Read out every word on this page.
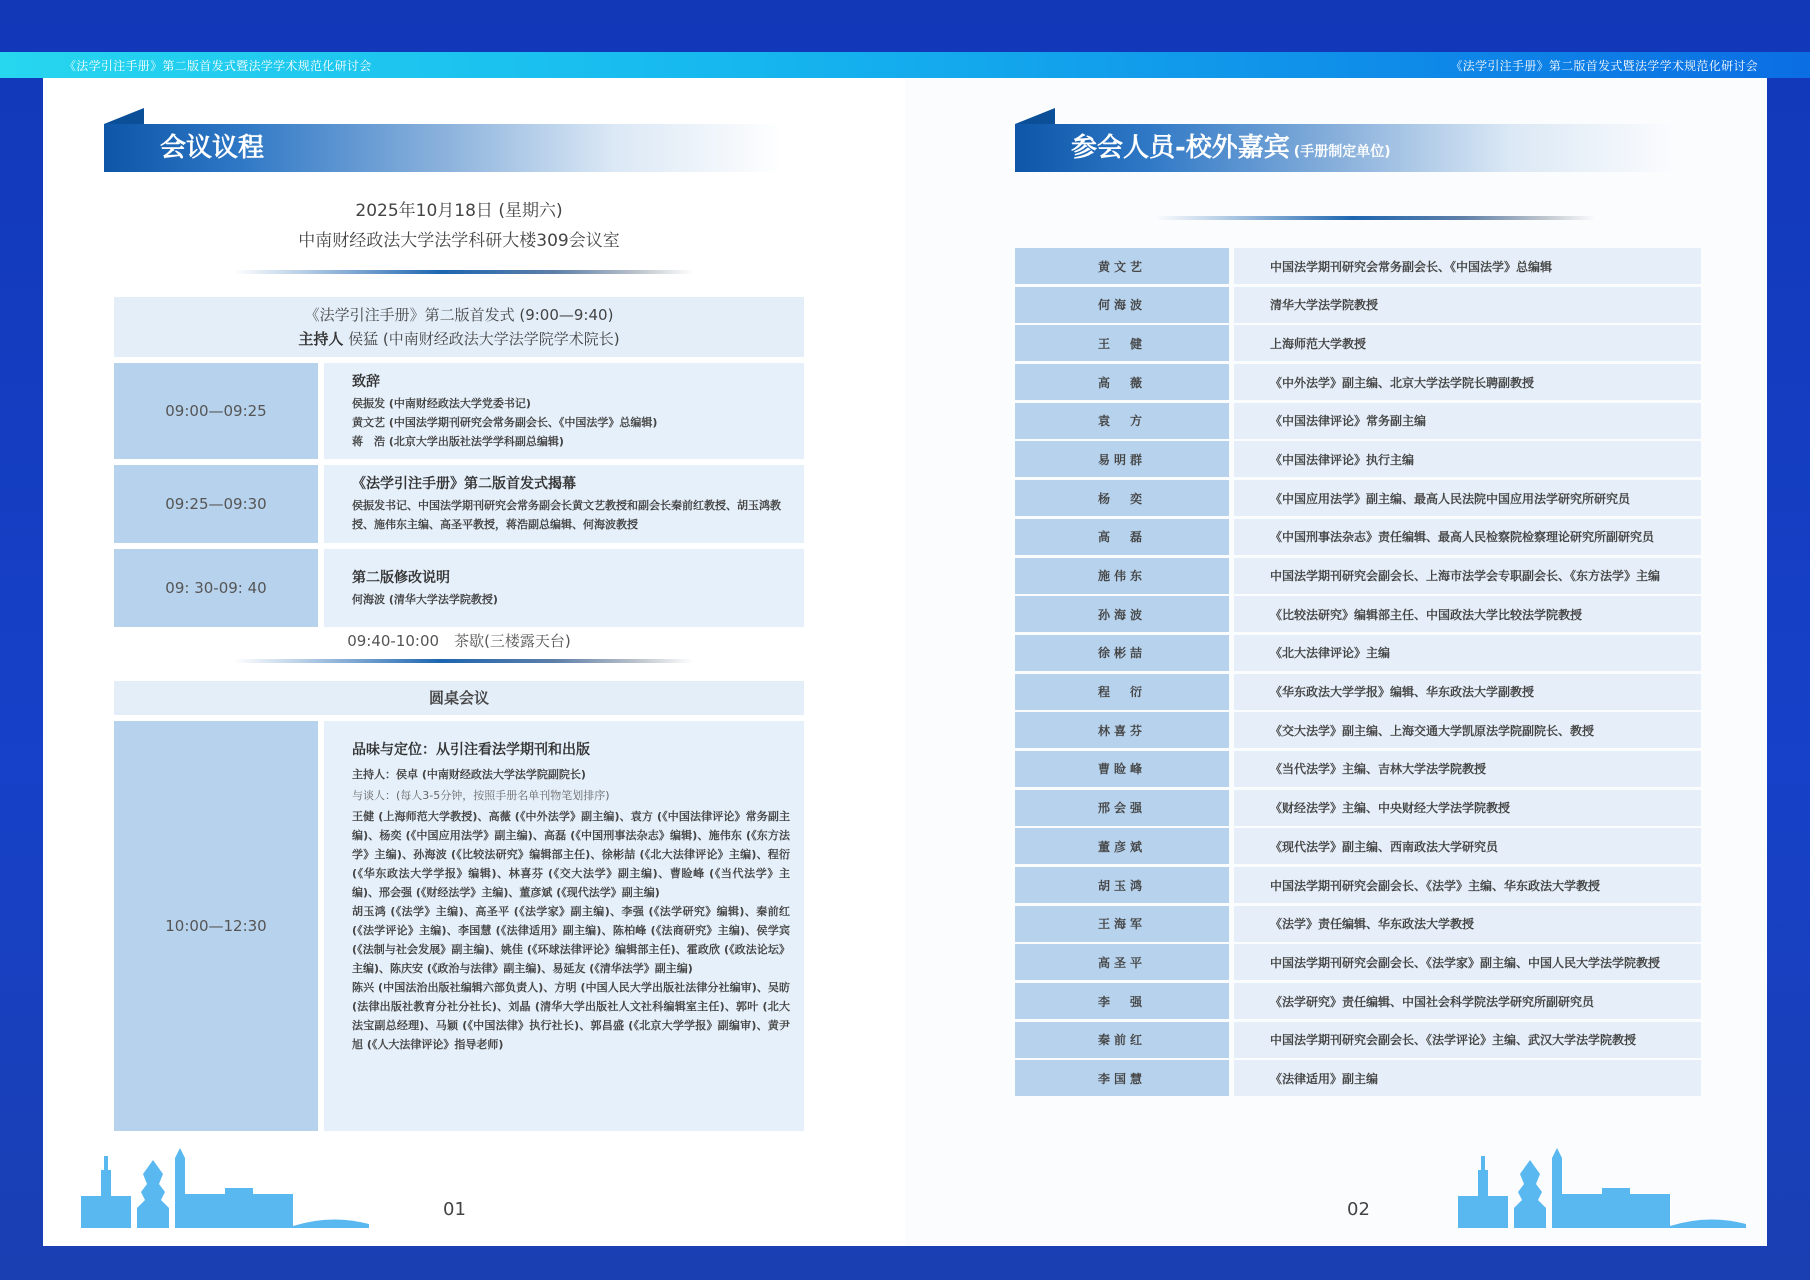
《法学引注手册》第二版首发式暨法学学术规范化研讨会	《法学引注手册》第二版首发式暨法学学术规范化研讨会
会议议程
2025年10月18日 (星期六)
中南财经政法大学法学科研大楼309会议室
《法学引注手册》第二版首发式 (9:00—9:40)
主持人 侯猛 (中南财经政法大学法学院学术院长)
09:00—09:25
致辞
侯振发 (中南财经政法大学党委书记)
黄文艺 (中国法学期刊研究会常务副会长、《中国法学》总编辑)
蒋　浩 (北京大学出版社法学学科副总编辑)
09:25—09:30
《法学引注手册》第二版首发式揭幕
侯振发书记、中国法学期刊研究会常务副会长黄文艺教授和副会长秦前红教授、胡玉鸿教授、施伟东主编、高圣平教授，蒋浩副总编辑、何海波教授
09: 30-09: 40
第二版修改说明
何海波 (清华大学法学院教授)
09:40-10:00　茶歇(三楼露天台)
圆桌会议
10:00—12:30
品味与定位：从引注看法学期刊和出版
主持人：侯卓 (中南财经政法大学法学院副院长)
与谈人：(每人3-5分钟，按照手册名单刊物笔划排序)
王健 (上海师范大学教授)、高薇 (《中外法学》副主编)、袁方 (《中国法律评论》常务副主编)、杨奕 (《中国应用法学》副主编)、高磊 (《中国刑事法杂志》编辑)、施伟东 (《东方法学》主编)、孙海波 (《比较法研究》编辑部主任)、徐彬喆 (《北大法律评论》主编)、程衍 (《华东政法大学学报》编辑)、林喜芬 (《交大法学》副主编)、曹睑峰 (《当代法学》主编)、邢会强 (《财经法学》主编)、董彦斌 (《现代法学》副主编)
胡玉鸿 (《法学》主编)、高圣平 (《法学家》副主编)、李强 (《法学研究》编辑)、秦前红 (《法学评论》主编)、李国慧 (《法律适用》副主编)、陈柏峰 (《法商研究》主编)、侯学宾 (《法制与社会发展》副主编)、姚佳 (《环球法律评论》编辑部主任)、霍政欣 (《政法论坛》主编)、陈庆安 (《政治与法律》副主编)、易延友 (《清华法学》副主编)
陈兴 (中国法治出版社编辑六部负责人)、方明 (中国人民大学出版社法律分社编审)、吴昉 (法律出版社教育分社分社长)、刘晶 (清华大学出版社人文社科编辑室主任)、郭叶 (北大法宝副总经理)、马颖 (《中国法律》执行社长)、郭昌盛 (《北京大学学报》副编审)、黄尹旭 (《人大法律评论》指导老师)
01
参会人员-校外嘉宾 (手册制定单位)
黄文艺	中国法学期刊研究会常务副会长、《中国法学》总编辑
何海波	清华大学法学院教授
王　健	上海师范大学教授
高　薇	《中外法学》副主编、北京大学法学院长聘副教授
袁　方	《中国法律评论》常务副主编
易明群	《中国法律评论》执行主编
杨　奕	《中国应用法学》副主编、最高人民法院中国应用法学研究所研究员
高　磊	《中国刑事法杂志》责任编辑、最高人民检察院检察理论研究所副研究员
施伟东	中国法学期刊研究会副会长、上海市法学会专职副会长、《东方法学》主编
孙海波	《比较法研究》编辑部主任、中国政法大学比较法学院教授
徐彬喆	《北大法律评论》主编
程　衍	《华东政法大学学报》编辑、华东政法大学副教授
林喜芬	《交大法学》副主编、上海交通大学凯原法学院副院长、教授
曹睑峰	《当代法学》主编、吉林大学法学院教授
邢会强	《财经法学》主编、中央财经大学法学院教授
董彦斌	《现代法学》副主编、西南政法大学研究员
胡玉鸿	中国法学期刊研究会副会长、《法学》主编、华东政法大学教授
王海军	《法学》责任编辑、华东政法大学教授
高圣平	中国法学期刊研究会副会长、《法学家》副主编、中国人民大学法学院教授
李　强	《法学研究》责任编辑、中国社会科学院法学研究所副研究员
秦前红	中国法学期刊研究会副会长、《法学评论》主编、武汉大学法学院教授
李国慧	《法律适用》副主编
02
